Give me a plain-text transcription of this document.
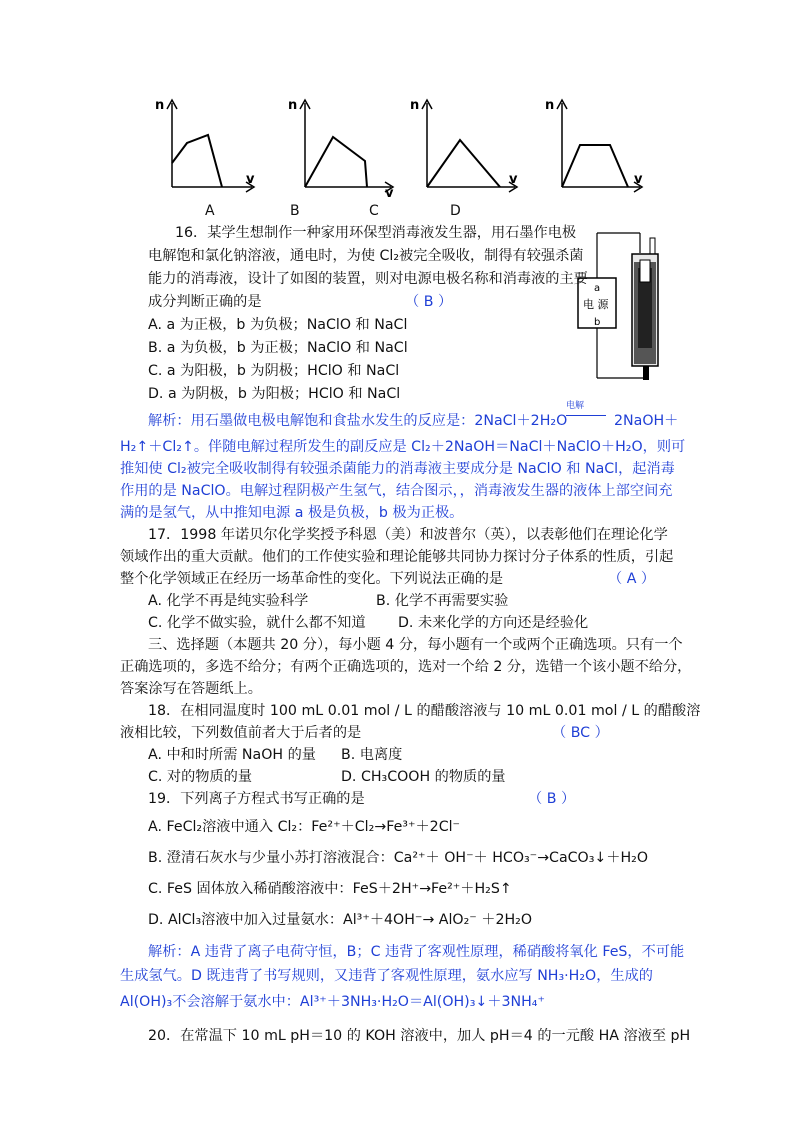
n
v
n
v
n
v
n
v
A	B	C	D
电 源
a
b
16．某学生想制作一种家用环保型消毒液发生器，用石墨作电极
电解饱和氯化钠溶液，通电时，为使 Cl₂被完全吸收，制得有较强杀菌
能力的消毒液，设计了如图的装置，则对电源电极名称和消毒液的主要
成分判断正确的是	（ B ）
A. a 为正极，b 为负极；NaClO 和 NaCl
B. a 为负极，b 为正极；NaClO 和 NaCl
C. a 为阳极，b 为阴极；HClO 和 NaCl
D. a 为阴极，b 为阳极；HClO 和 NaCl
解析：用石墨做电极电解饱和食盐水发生的反应是：2NaCl＋2H₂O
电解
2NaOH＋
H₂↑＋Cl₂↑。伴随电解过程所发生的副反应是 Cl₂＋2NaOH＝NaCl＋NaClO＋H₂O，则可
推知使 Cl₂被完全吸收制得有较强杀菌能力的消毒液主要成分是 NaClO 和 NaCl，起消毒
作用的是 NaClO。电解过程阴极产生氢气，结合图示，，消毒液发生器的液体上部空间充
满的是氢气，从中推知电源 a 极是负极，b 极为正极。
17．1998 年诺贝尔化学奖授予科恩（美）和波普尔（英），以表彰他们在理论化学
领域作出的重大贡献。他们的工作使实验和理论能够共同协力探讨分子体系的性质，引起
整个化学领域正在经历一场革命性的变化。下列说法正确的是	（ A ）
A. 化学不再是纯实验科学	B. 化学不再需要实验
C. 化学不做实验，就什么都不知道 D. 未来化学的方向还是经验化
三、选择题（本题共 20 分），每小题 4 分，每小题有一个或两个正确选项。只有一个
正确选项的，多选不给分；有两个正确选项的，选对一个给 2 分，选错一个该小题不给分，
答案涂写在答题纸上。
18．在相同温度时 100 mL 0.01 mol / L 的醋酸溶液与 10 mL 0.01 mol / L 的醋酸溶
液相比较，下列数值前者大于后者的是	（ BC ）
A. 中和时所需 NaOH 的量 B. 电离度
C. 对的物质的量	D. CH₃COOH 的物质的量
19．下列离子方程式书写正确的是	（ B ）
A. FeCl₂溶液中通入 Cl₂：Fe²⁺＋Cl₂→Fe³⁺＋2Cl⁻
B. 澄清石灰水与少量小苏打溶液混合：Ca²⁺＋ OH⁻＋ HCO₃⁻→CaCO₃↓＋H₂O
C. FeS 固体放入稀硝酸溶液中：FeS＋2H⁺→Fe²⁺＋H₂S↑
D. AlCl₃溶液中加入过量氨水：Al³⁺＋4OH⁻→ AlO₂⁻ ＋2H₂O
解析：A 违背了离子电荷守恒，B；C 违背了客观性原理，稀硝酸将氧化 FeS，不可能
生成氢气。D 既违背了书写规则，又违背了客观性原理，氨水应写 NH₃·H₂O，生成的
Al(OH)₃不会溶解于氨水中：Al³⁺＋3NH₃·H₂O＝Al(OH)₃↓＋3NH₄⁺
20．在常温下 10 mL pH＝10 的 KOH 溶液中，加人 pH＝4 的一元酸 HA 溶液至 pH
